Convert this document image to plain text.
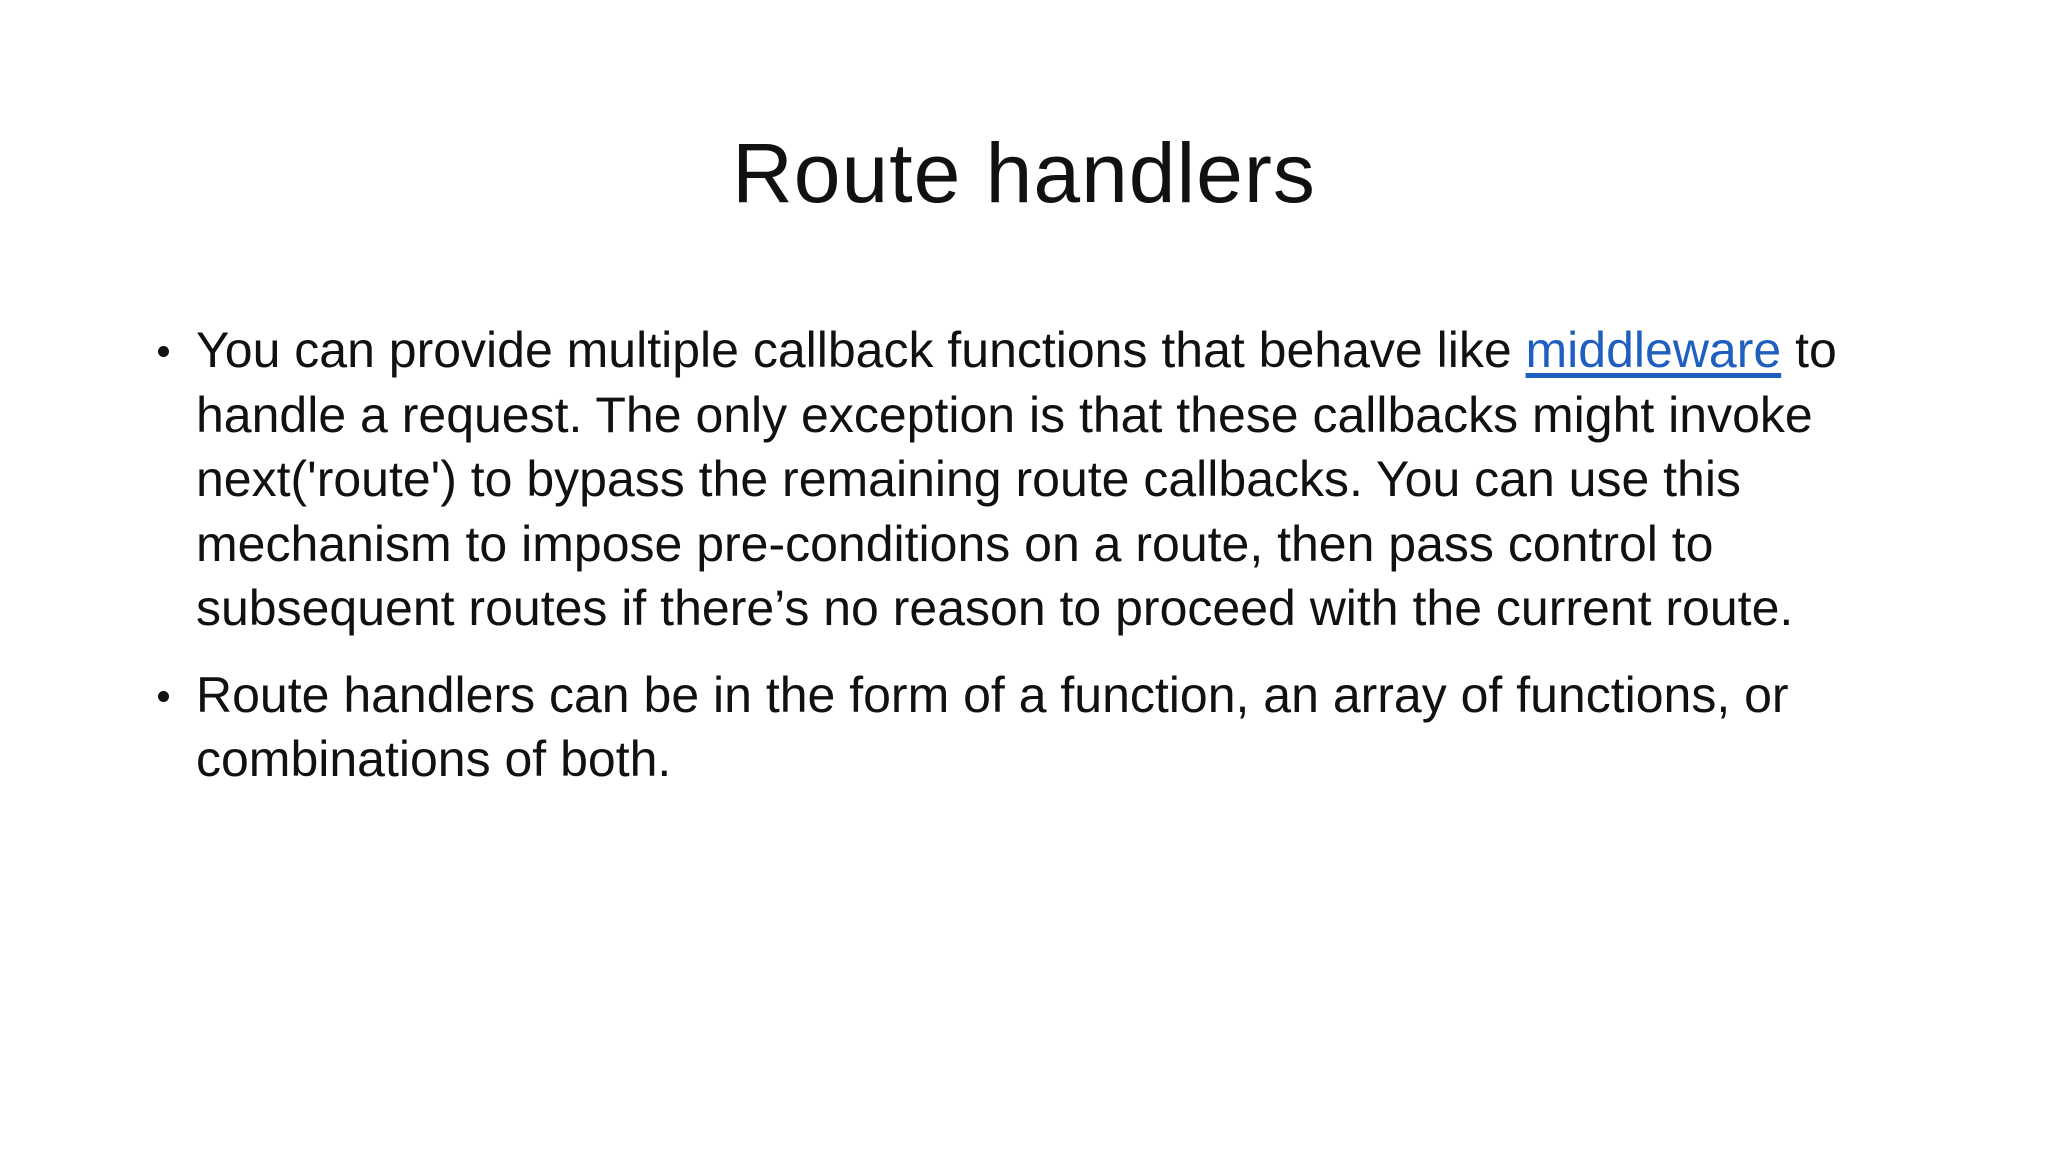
Route handlers
You can provide multiple callback functions that behave like middleware to handle a request. The only exception is that these callbacks might invoke next('route') to bypass the remaining route callbacks. You can use this mechanism to impose pre-conditions on a route, then pass control to subsequent routes if there’s no reason to proceed with the current route.
Route handlers can be in the form of a function, an array of functions, or combinations of both.
